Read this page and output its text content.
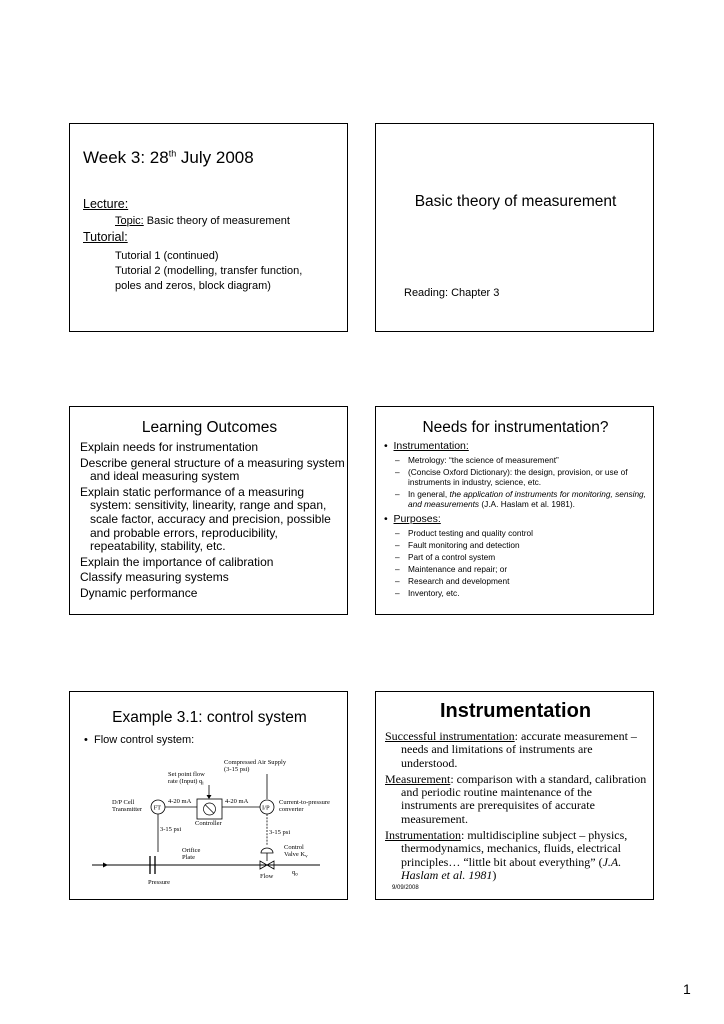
Week 3: 28th July 2008
Lecture:
Topic: Basic theory of measurement
Tutorial:
Tutorial 1 (continued)
Tutorial 2 (modelling, transfer function,
poles and zeros, block diagram)
Basic theory of measurement
Reading: Chapter 3
Learning Outcomes

Explain needs for instrumentation

Describe general structure of a measuring system and ideal measuring system

Explain static performance of a measuring system: sensitivity, linearity, range and span, scale factor, accuracy and precision, possible and probable errors, reproducibility, repeatability, stability, etc.

Explain the importance of calibration

Classify measuring systems

Dynamic performance

Needs for instrumentation?
•  Instrumentation:

– Metrology: “the science of measurement”

– (Concise Oxford Dictionary): the design, provision, or use of instruments in industry, science, etc.

– In general, the application of instruments for monitoring, sensing, and measurements (J.A. Haslam et al. 1981).

•  Purposes:

– Product testing and quality control

– Fault monitoring and detection

– Part of a control system

– Maintenance and repair; or

– Research and development

– Inventory, etc.

Example 3.1: control system
•  Flow control system:
Compressed Air Supply
(3-15 psi)
Set point flow
rate (Input) $q_i$
Controller
FT
D/P Cell
Transmitter
4-20 mA	4-20 mA
I/P
Current-to-pressure
converter
3-15 psi
3-15 psi
Orifice
Plate
Pressure
Control
Valve $K_v$
Flow
$q_o$
Instrumentation

Successful instrumentation: accurate measurement – needs and limitations of instruments are understood.

Measurement: comparison with a standard, calibration and periodic routine maintenance of the instruments are prerequisites of accurate measurement.

Instrumentation: multidiscipline subject – physics, thermodynamics, mechanics, fluids, electrical principles… “little bit about everything” (J.A. Haslam et al. 1981)

9/09/2008
1
